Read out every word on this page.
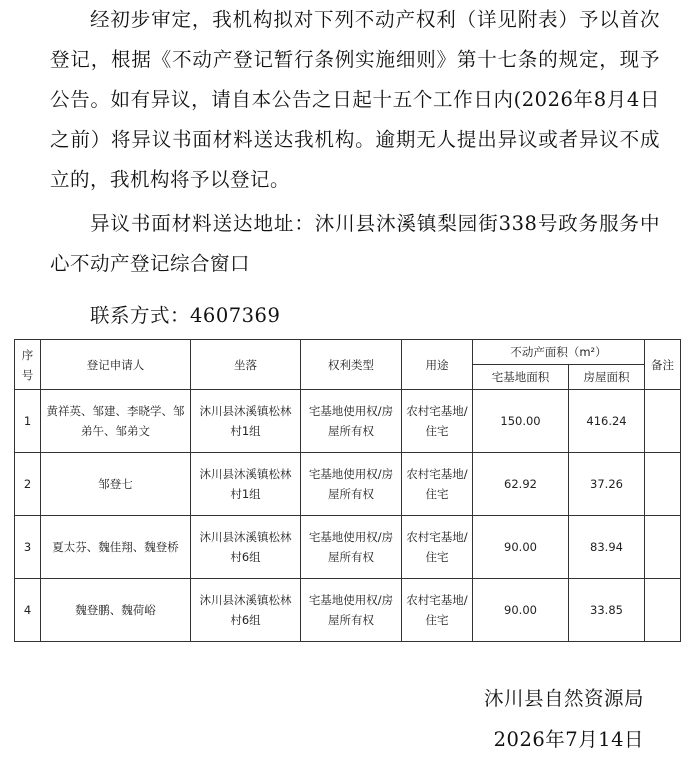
经初步审定，我机构拟对下列不动产权利（详见附表）予以首次登记，根据《不动产登记暂行条例实施细则》第十七条的规定，现予公告。如有异议，请自本公告之日起十五个工作日内(2026年8月4日之前）将异议书面材料送达我机构。逾期无人提出异议或者异议不成立的，我机构将予以登记。

异议书面材料送达地址：沐川县沐溪镇梨园街338号政务服务中心不动产登记综合窗口

联系方式：4607369

序号	登记申请人	坐落	权利类型	用途	不动产面积（m²）		备注
					宅基地面积	房屋面积	
1	黄祥英、邹建、李晓学、邹弟午、邹弟文	沐川县沐溪镇松林村1组	宅基地使用权/房屋所有权	农村宅基地/住宅	150.00	416.24	
2	邹登七	沐川县沐溪镇松林村1组	宅基地使用权/房屋所有权	农村宅基地/住宅	62.92	37.26	
3	夏太芬、魏佳翔、魏登桥	沐川县沐溪镇松林村6组	宅基地使用权/房屋所有权	农村宅基地/住宅	90.00	83.94	
4	魏登鹏、魏荷峪	沐川县沐溪镇松林村6组	宅基地使用权/房屋所有权	农村宅基地/住宅	90.00	33.85	

沐川县自然资源局

2026年7月14日
